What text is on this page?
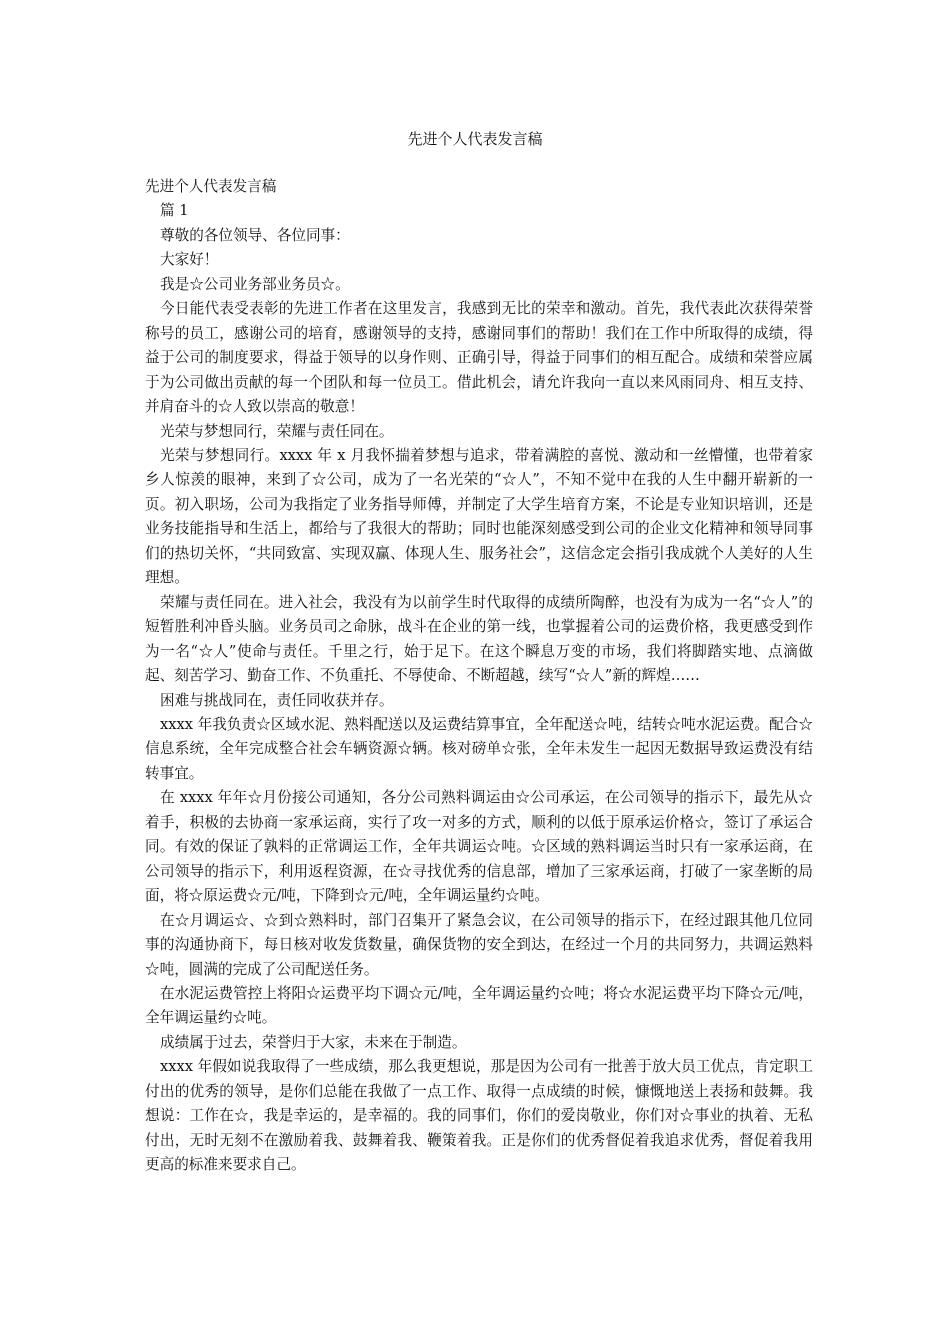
先进个人代表发言稿

先进个人代表发言稿

篇 1

尊敬的各位领导、各位同事：

大家好！

我是☆公司业务部业务员☆。

今日能代表受表彰的先进工作者在这里发言，我感到无比的荣幸和激动。首先，我代表此次获得荣誉称号的员工，感谢公司的培育，感谢领导的支持，感谢同事们的帮助！我们在工作中所取得的成绩，得益于公司的制度要求，得益于领导的以身作则、正确引导，得益于同事们的相互配合。成绩和荣誉应属于为公司做出贡献的每一个团队和每一位员工。借此机会，请允许我向一直以来风雨同舟、相互支持、并肩奋斗的☆人致以崇高的敬意！

光荣与梦想同行，荣耀与责任同在。

光荣与梦想同行。xxxx 年 x 月我怀揣着梦想与追求，带着满腔的喜悦、激动和一丝懵懂，也带着家乡人惊羡的眼神，来到了☆公司，成为了一名光荣的“☆人”，不知不觉中在我的人生中翻开崭新的一页。初入职场，公司为我指定了业务指导师傅，并制定了大学生培育方案，不论是专业知识培训，还是业务技能指导和生活上，都给与了我很大的帮助；同时也能深刻感受到公司的企业文化精神和领导同事们的热切关怀，“共同致富、实现双赢、体现人生、服务社会”，这信念定会指引我成就个人美好的人生理想。

荣耀与责任同在。进入社会，我没有为以前学生时代取得的成绩所陶醉，也没有为成为一名“☆人”的短暂胜利冲昏头脑。业务员司之命脉，战斗在企业的第一线，也掌握着公司的运费价格，我更感受到作为一名“☆人”使命与责任。千里之行，始于足下。在这个瞬息万变的市场，我们将脚踏实地、点滴做起、刻苦学习、勤奋工作、不负重托、不辱使命、不断超越，续写“☆人”新的辉煌……

困难与挑战同在，责任同收获并存。

xxxx 年我负责☆区域水泥、熟料配送以及运费结算事宜，全年配送☆吨，结转☆吨水泥运费。配合☆信息系统，全年完成整合社会车辆资源☆辆。核对磅单☆张，全年未发生一起因无数据导致运费没有结转事宜。

在 xxxx 年年☆月份接公司通知，各分公司熟料调运由☆公司承运，在公司领导的指示下，最先从☆着手，积极的去协商一家承运商，实行了攻一对多的方式，顺利的以低于原承运价格☆，签订了承运合同。有效的保证了孰料的正常调运工作，全年共调运☆吨。☆区域的熟料调运当时只有一家承运商，在公司领导的指示下，利用返程资源，在☆寻找优秀的信息部，增加了三家承运商，打破了一家垄断的局面，将☆原运费☆元/吨，下降到☆元/吨，全年调运量约☆吨。

在☆月调运☆、☆到☆熟料时，部门召集开了紧急会议，在公司领导的指示下，在经过跟其他几位同事的沟通协商下，每日核对收发货数量，确保货物的安全到达，在经过一个月的共同努力，共调运熟料☆吨，圆满的完成了公司配送任务。

在水泥运费管控上将阳☆运费平均下调☆元/吨，全年调运量约☆吨；将☆水泥运费平均下降☆元/吨，全年调运量约☆吨。

成绩属于过去，荣誉归于大家，未来在于制造。

xxxx 年假如说我取得了一些成绩，那么我更想说，那是因为公司有一批善于放大员工优点，肯定职工付出的优秀的领导，是你们总能在我做了一点工作、取得一点成绩的时候，慷慨地送上表扬和鼓舞。我想说：工作在☆，我是幸运的，是幸福的。我的同事们，你们的爱岗敬业，你们对☆事业的执着、无私付出，无时无刻不在激励着我、鼓舞着我、鞭策着我。正是你们的优秀督促着我追求优秀，督促着我用更高的标准来要求自己。
